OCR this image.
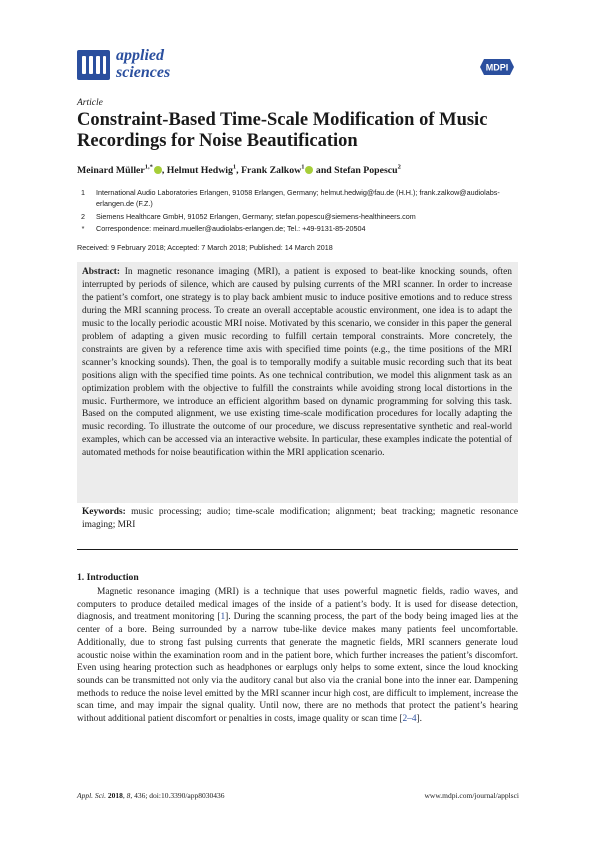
applied
sciences	MDPI
Article
Constraint-Based Time-Scale Modification of Music Recordings for Noise Beautification
Meinard Müller$^{1,*}$ , Helmut Hedwig$^1$, Frank Zalkow$^1$ and Stefan Popescu$^2$
1	International Audio Laboratories Erlangen, 91058 Erlangen, Germany; helmut.hedwig@fau.de (H.H.); frank.zalkow@audiolabs-erlangen.de (F.Z.)
2	Siemens Healthcare GmbH, 91052 Erlangen, Germany; stefan.popescu@siemens-healthineers.com
*	Correspondence: meinard.mueller@audiolabs-erlangen.de; Tel.: +49-9131-85-20504
Received: 9 February 2018; Accepted: 7 March 2018; Published: 14 March 2018

Abstract: In magnetic resonance imaging (MRI), a patient is exposed to beat-like knocking sounds, often interrupted by periods of silence, which are caused by pulsing currents of the MRI scanner. In order to increase the patient’s comfort, one strategy is to play back ambient music to induce positive emotions and to reduce stress during the MRI scanning process. To create an overall acceptable acoustic environment, one idea is to adapt the music to the locally periodic acoustic MRI noise. Motivated by this scenario, we consider in this paper the general problem of adapting a given music recording to fulfill certain temporal constraints. More concretely, the constraints are given by a reference time axis with specified time points (e.g., the time positions of the MRI scanner’s knocking sounds). Then, the goal is to temporally modify a suitable music recording such that its beat positions align with the specified time points. As one technical contribution, we model this alignment task as an optimization problem with the objective to fulfill the constraints while avoiding strong local distortions in the music. Furthermore, we introduce an efficient algorithm based on dynamic programming for solving this task. Based on the computed alignment, we use existing time-scale modification procedures for locally adapting the music recording. To illustrate the outcome of our procedure, we discuss representative synthetic and real-world examples, which can be accessed via an interactive website. In particular, these examples indicate the potential of automated methods for noise beautification within the MRI application scenario.

Keywords: music processing; audio; time-scale modification; alignment; beat tracking; magnetic resonance imaging; MRI

1. Introduction

Magnetic resonance imaging (MRI) is a technique that uses powerful magnetic fields, radio waves, and computers to produce detailed medical images of the inside of a patient’s body. It is used for disease detection, diagnosis, and treatment monitoring [1]. During the scanning process, the part of the body being imaged lies at the center of a bore. Being surrounded by a narrow tube-like device makes many patients feel uncomfortable. Additionally, due to strong fast pulsing currents that generate the magnetic fields, MRI scanners generate loud acoustic noise within the examination room and in the patient bore, which further increases the patient’s discomfort. Even using hearing protection such as headphones or earplugs only helps to some extent, since the loud knocking sounds can be transmitted not only via the auditory canal but also via the cranial bone into the inner ear. Dampening methods to reduce the noise level emitted by the MRI scanner incur high cost, are difficult to implement, increase the scan time, and may impair the signal quality. Until now, there are no methods that protect the patient’s hearing without additional patient discomfort or penalties in costs, image quality or scan time [2–4].

Appl. Sci. 2018, 8, 436; doi:10.3390/app8030436	www.mdpi.com/journal/applsci
